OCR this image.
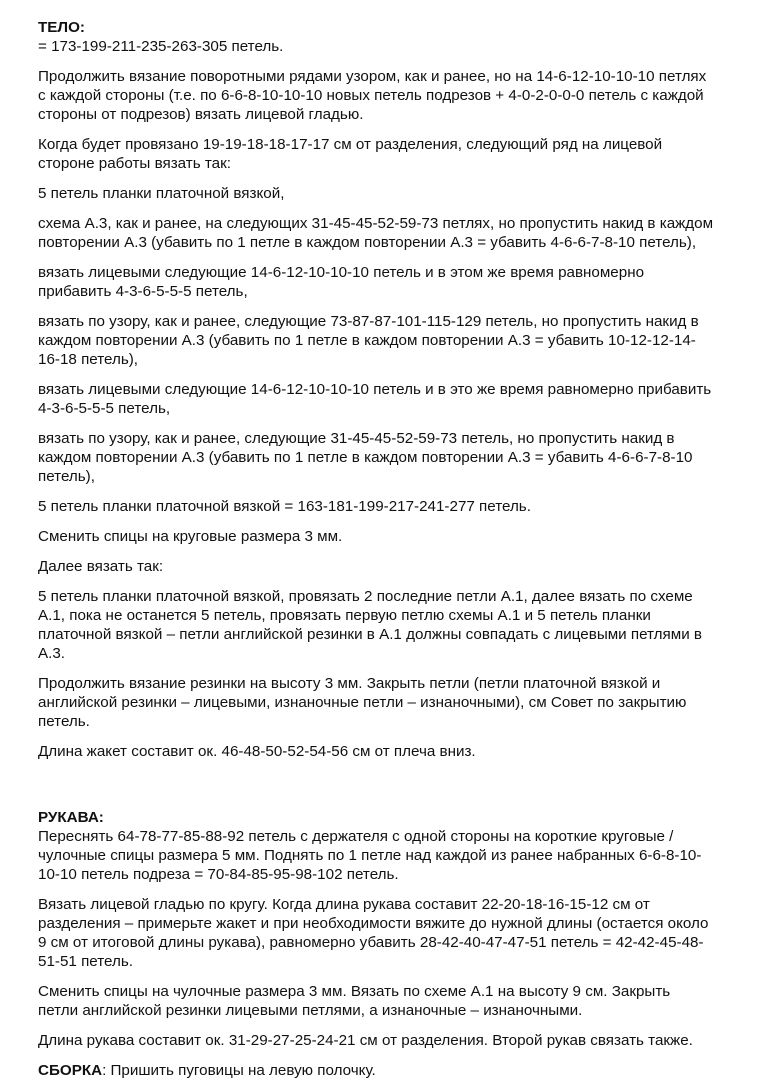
ТЕЛО:
= 173-199-211-235-263-305 петель.
Продолжить вязание поворотными рядами узором, как и ранее, но на 14-6-12-10-10-10 петлях
с каждой стороны (т.е. по 6-6-8-10-10-10 новых петель подрезов + 4-0-2-0-0-0 петель с каждой
стороны от подрезов) вязать лицевой гладью.
Когда будет провязано 19-19-18-18-17-17 см от разделения, следующий ряд на лицевой
стороне работы вязать так:
5 петель планки платочной вязкой,
схема А.3, как и ранее, на следующих 31-45-45-52-59-73 петлях, но пропустить накид в каждом
повторении А.3 (убавить по 1 петле в каждом повторении А.3 = убавить 4-6-6-7-8-10 петель),
вязать лицевыми следующие 14-6-12-10-10-10 петель и в этом же время равномерно
прибавить 4-3-6-5-5-5 петель,
вязать по узору, как и ранее, следующие 73-87-87-101-115-129 петель, но пропустить накид в
каждом повторении А.3 (убавить по 1 петле в каждом повторении А.3 = убавить 10-12-12-14-
16-18 петель),
вязать лицевыми следующие 14-6-12-10-10-10 петель и в это же время равномерно прибавить
4-3-6-5-5-5 петель,
вязать по узору, как и ранее, следующие 31-45-45-52-59-73 петель, но пропустить накид в
каждом повторении А.3 (убавить по 1 петле в каждом повторении А.3 = убавить 4-6-6-7-8-10
петель),
5 петель планки платочной вязкой = 163-181-199-217-241-277 петель.
Сменить спицы на круговые размера 3 мм.
Далее вязать так:
5 петель планки платочной вязкой, провязать 2 последние петли А.1, далее вязать по схеме
А.1, пока не останется 5 петель, провязать первую петлю схемы А.1 и 5 петель планки
платочной вязкой – петли английской резинки в А.1 должны совпадать с лицевыми петлями в
А.3.
Продолжить вязание резинки на высоту 3 мм. Закрыть петли (петли платочной вязкой и
английской резинки – лицевыми, изнаночные петли – изнаночными), см Совет по закрытию
петель.
Длина жакет составит ок. 46-48-50-52-54-56 см от плеча вниз.
РУКАВА:
Переснять 64-78-77-85-88-92 петель с держателя с одной стороны на короткие круговые /
чулочные спицы размера 5 мм. Поднять по 1 петле над каждой из ранее набранных 6-6-8-10-
10-10 петель подреза = 70-84-85-95-98-102 петель.
Вязать лицевой гладью по кругу. Когда длина рукава составит 22-20-18-16-15-12 см от
разделения – примерьте жакет и при необходимости вяжите до нужной длины (остается около
9 см от итоговой длины рукава), равномерно убавить 28-42-40-47-47-51 петель = 42-42-45-48-
51-51 петель.
Сменить спицы на чулочные размера 3 мм. Вязать по схеме А.1 на высоту 9 см. Закрыть
петли английской резинки лицевыми петлями, а изнаночные – изнаночными.
Длина рукава составит ок. 31-29-27-25-24-21 см от разделения. Второй рукав связать также.
СБОРКА: Пришить пуговицы на левую полочку.
